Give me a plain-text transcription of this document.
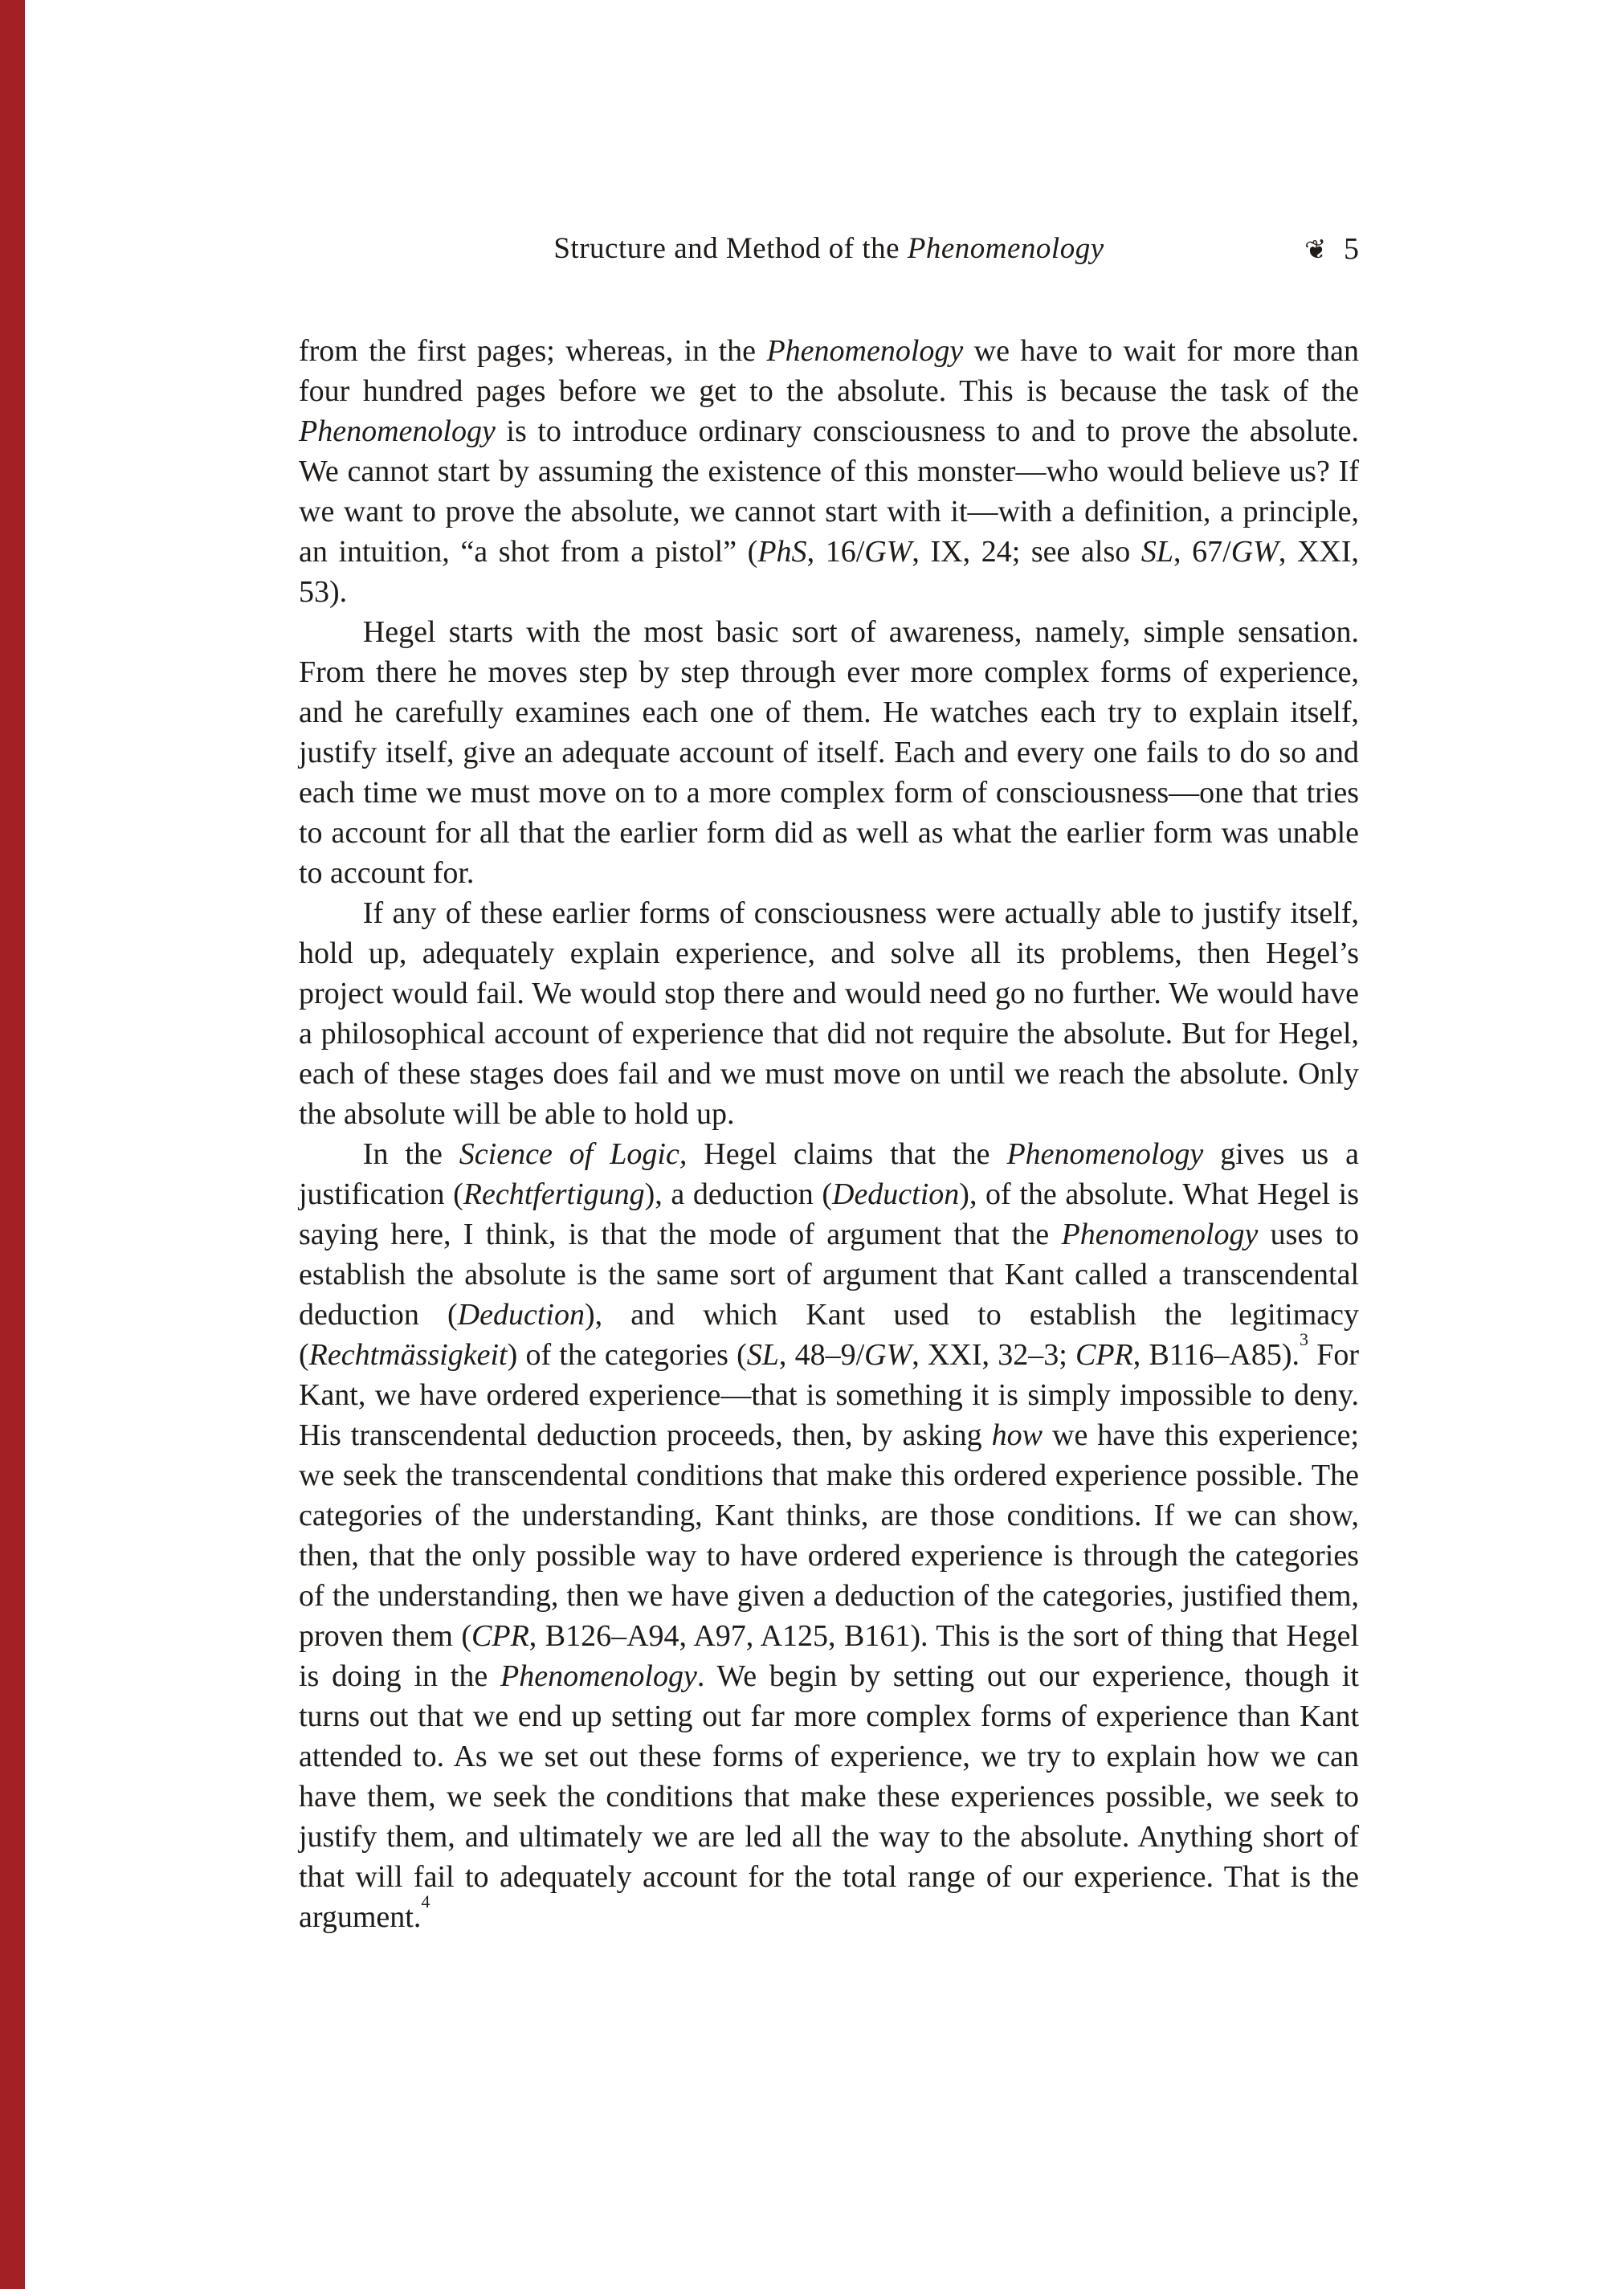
Structure and Method of the Phenomenology	❦ 5

from the first pages; whereas, in the Phenomenology we have to wait for more than four hundred pages before we get to the absolute. This is because the task of the Phenomenology is to introduce ordinary consciousness to and to prove the absolute. We cannot start by assuming the existence of this monster—who would believe us? If we want to prove the absolute, we cannot start with it—with a definition, a principle, an intuition, “a shot from a pistol” (PhS, 16/GW, IX, 24; see also SL, 67/GW, XXI, 53).

Hegel starts with the most basic sort of awareness, namely, simple sensation. From there he moves step by step through ever more complex forms of experience, and he carefully examines each one of them. He watches each try to explain itself, justify itself, give an adequate account of itself. Each and every one fails to do so and each time we must move on to a more complex form of consciousness—one that tries to account for all that the earlier form did as well as what the earlier form was unable to account for.

If any of these earlier forms of consciousness were actually able to justify itself, hold up, adequately explain experience, and solve all its problems, then Hegel’s project would fail. We would stop there and would need go no further. We would have a philosophical account of experience that did not require the absolute. But for Hegel, each of these stages does fail and we must move on until we reach the absolute. Only the absolute will be able to hold up.

In the Science of Logic, Hegel claims that the Phenomenology gives us a justification (Rechtfertigung), a deduction (Deduction), of the absolute. What Hegel is saying here, I think, is that the mode of argument that the Phenomenology uses to establish the absolute is the same sort of argument that Kant called a transcendental deduction (Deduction), and which Kant used to establish the legitimacy (Rechtmässigkeit) of the categories (SL, 48–9/GW, XXI, 32–3; CPR, B116–A85).$^3$ For Kant, we have ordered experience—that is something it is simply impossible to deny. His transcendental deduction proceeds, then, by asking how we have this experience; we seek the transcendental conditions that make this ordered experience possible. The categories of the understanding, Kant thinks, are those conditions. If we can show, then, that the only possible way to have ordered experience is through the categories of the understanding, then we have given a deduction of the categories, justified them, proven them (CPR, B126–A94, A97, A125, B161). This is the sort of thing that Hegel is doing in the Phenomenology. We begin by setting out our experience, though it turns out that we end up setting out far more complex forms of experience than Kant attended to. As we set out these forms of experience, we try to explain how we can have them, we seek the conditions that make these experiences possible, we seek to justify them, and ultimately we are led all the way to the absolute. Anything short of that will fail to adequately account for the total range of our experience. That is the argument.$^4$
